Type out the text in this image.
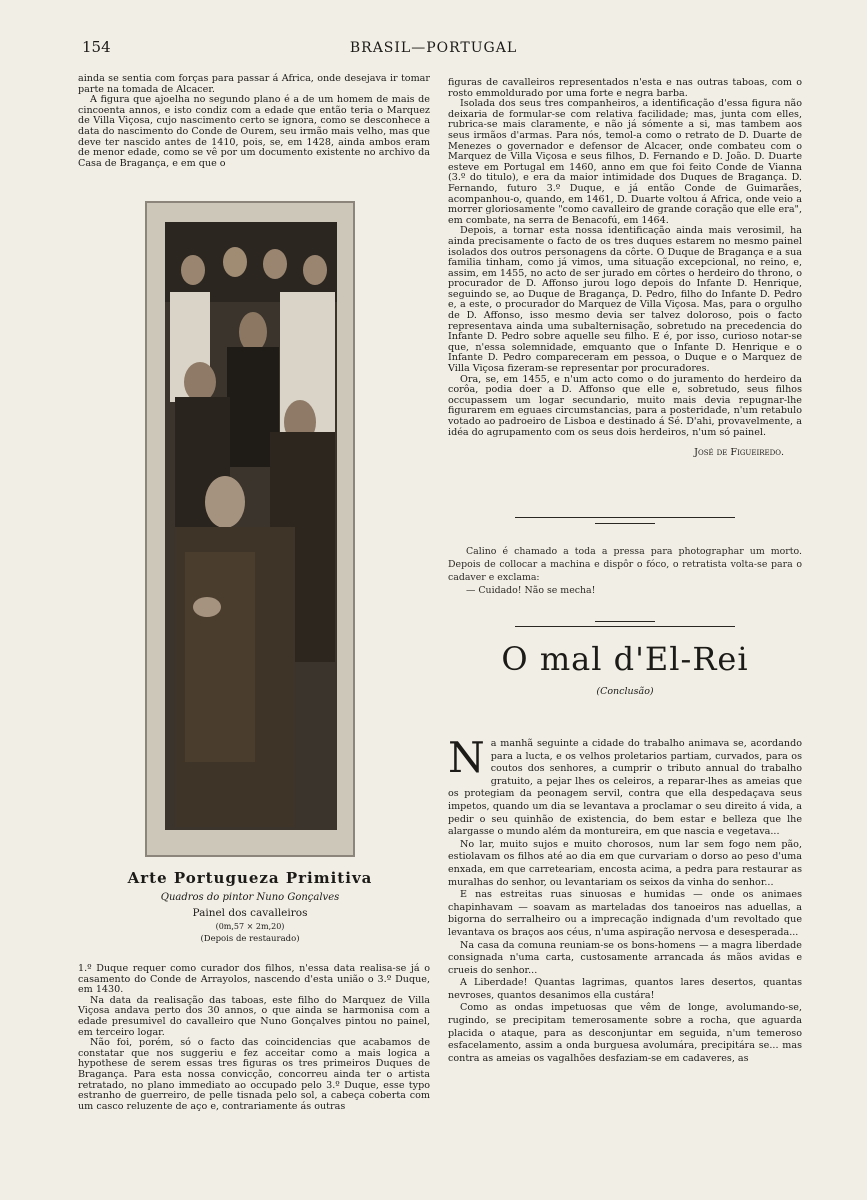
154	BRASIL—PORTUGAL

ainda se sentia com forças para passar á Africa, onde desejava ir tomar parte na tomada de Alcacer.

A figura que ajoelha no segundo plano é a de um homem de mais de cincoenta annos, e isto condiz com a edade que então teria o Marquez de Villa Viçosa, cujo nascimento certo se ignora, como se desconhece a data do nascimento do Conde de Ourem, seu irmão mais velho, mas que deve ter nascido antes de 1410, pois, se, em 1428, ainda ambos eram de menor edade, como se vê por um documento existente no archivo da Casa de Bragança, e em que o

Arte Portugueza Primitiva
Quadros do pintor Nuno Gonçalves
Painel dos cavalleiros
(0m,57 × 2m,20)
(Depois de restaurado)

1.º Duque requer como curador dos filhos, n'essa data realisa-se já o casamento do Conde de Arrayolos, nascendo d'esta união o 3.º Duque, em 1430.

Na data da realisação das taboas, este filho do Marquez de Villa Viçosa andava perto dos 30 annos, o que ainda se harmonisa com a edade presumivel do cavalleiro que Nuno Gonçalves pintou no painel, em terceiro logar.

Não foi, porém, só o facto das coincidencias que acabamos de constatar que nos suggeriu e fez acceitar como a mais logica a hypothese de serem essas tres figuras os tres primeiros Duques de Bragança. Para esta nossa convicção, concorreu ainda ter o artista retratado, no plano immediato ao occupado pelo 3.º Duque, esse typo estranho de guerreiro, de pelle tisnada pelo sol, a cabeça coberta com um casco reluzente de aço e, contrariamente ás outras

figuras de cavalleiros representados n'esta e nas outras taboas, com o rosto emmoldurado por uma forte e negra barba.

Isolada dos seus tres companheiros, a identificação d'essa figura não deixaria de formular-se com relativa facilidade; mas, junta com elles, rubrica-se mais claramente, e não já sómente a si, mas tambem aos seus irmãos d'armas. Para nós, temol-a como o retrato de D. Duarte de Menezes o governador e defensor de Alcacer, onde combateu com o Marquez de Villa Viçosa e seus filhos, D. Fernando e D. João. D. Duarte esteve em Portugal em 1460, anno em que foi feito Conde de Vianna (3.º do titulo), e era da maior intimidade dos Duques de Bragança. D. Fernando, futuro 3.º Duque, e já então Conde de Guimarães, acompanhou-o, quando, em 1461, D. Duarte voltou á Africa, onde veio a morrer gloriosamente "como cavalleiro de grande coração que elle era", em combate, na serra de Benacofú, em 1464.

Depois, a tornar esta nossa identificação ainda mais verosimil, ha ainda precisamente o facto de os tres duques estarem no mesmo painel isolados dos outros personagens da côrte. O Duque de Bragança e a sua familia tinham, como já vimos, uma situação excepcional, no reino, e, assim, em 1455, no acto de ser jurado em côrtes o herdeiro do throno, o procurador de D. Affonso jurou logo depois do Infante D. Henrique, seguindo se, ao Duque de Bragança, D. Pedro, filho do Infante D. Pedro e, a este, o procurador do Marquez de Villa Viçosa. Mas, para o orgulho de D. Affonso, isso mesmo devia ser talvez doloroso, pois o facto representava ainda uma subalternisação, sobretudo na precedencia do Infante D. Pedro sobre aquelle seu filho. E é, por isso, curioso notar-se que, n'essa solemnidade, emquanto que o Infante D. Henrique e o Infante D. Pedro compareceram em pessoa, o Duque e o Marquez de Villa Viçosa fizeram-se representar por procuradores.

Ora, se, em 1455, e n'um acto como o do juramento do herdeiro da corôa, podia doer a D. Affonso que elle e, sobretudo, seus filhos occupassem um logar secundario, muito mais devia repugnar-lhe figurarem em eguaes circumstancias, para a posteridade, n'um retabulo votado ao padroeiro de Lisboa e destinado á Sé. D'ahi, provavelmente, a idéa do agrupamento com os seus dois herdeiros, n'um só painel.

José de Figueiredo.

Calino é chamado a toda a pressa para photographar um morto. Depois de collocar a machina e dispôr o fóco, o retratista volta-se para o cadaver e exclama:

— Cuidado! Não se mecha!

O mal d'El-Rei
(Conclusão)

Na manhã seguinte a cidade do trabalho animava se, acordando para a lucta, e os velhos proletarios partiam, curvados, para os coutos dos senhores, a cumprir o tributo annual do trabalho gratuito, a pejar lhes os celeiros, a reparar-lhes as ameias que os protegiam da peonagem servil, contra que ella despedaçava seus impetos, quando um dia se levantava a proclamar o seu direito á vida, a pedir o seu quinhão de existencia, do bem estar e belleza que lhe alargasse o mundo além da montureira, em que nascia e vegetava...

No lar, muito sujos e muito chorosos, num lar sem fogo nem pão, estiolavam os filhos até ao dia em que curvariam o dorso ao peso d'uma enxada, em que carreteariam, encosta acima, a pedra para restaurar as muralhas do senhor, ou levantariam os seixos da vinha do senhor...

E nas estreitas ruas sinuosas e humidas — onde os animaes chapinhavam — soavam as marteladas dos tanoeiros nas aduellas, a bigorna do serralheiro ou a imprecação indignada d'um revoltado que levantava os braços aos céus, n'uma aspiração nervosa e desesperada...

Na casa da comuna reuniam-se os bons-homens — a magra liberdade consignada n'uma carta, custosamente arrancada ás mãos avidas e crueis do senhor...

A Liberdade! Quantas lagrimas, quantos lares desertos, quantas nevroses, quantos desanimos ella custára!

Como as ondas impetuosas que vêm de longe, avolumando-se, rugindo, se precipitam temerosamente sobre a rocha, que aguarda placida o ataque, para as desconjuntar em seguida, n'um temeroso esfacelamento, assim a onda burguesa avolumára, precipitára se... mas contra as ameias os vagalhões desfaziam-se em cadaveres, as
